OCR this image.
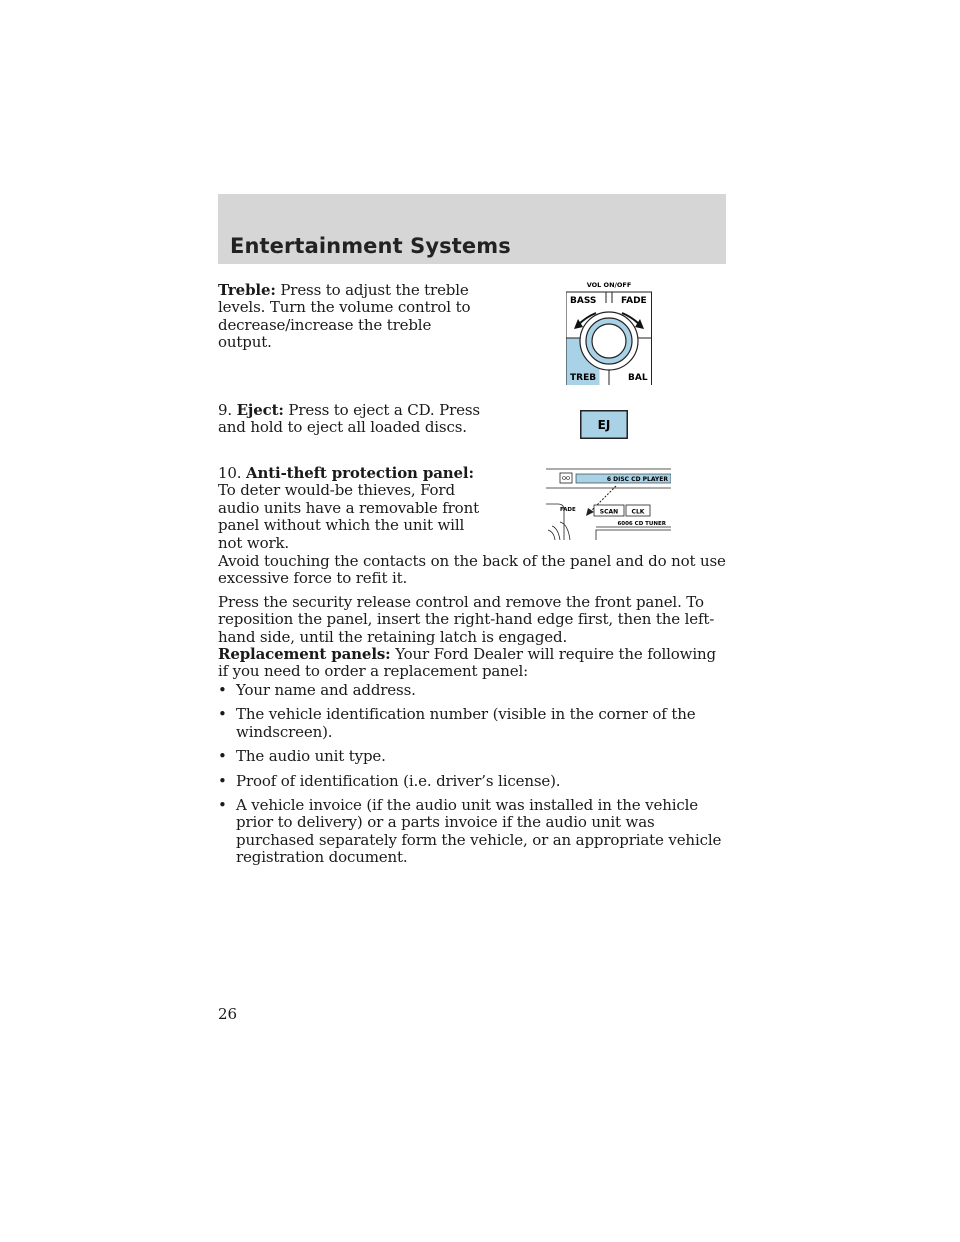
Entertainment Systems

Treble: Press to adjust the treble levels. Turn the volume control to decrease/increase the treble output.

VOL ON/OFF
BASS	FADE
TREB	BAL

9. Eject: Press to eject a CD. Press and hold to eject all loaded discs.	EJ

10. Anti-theft protection panel: To deter would-be thieves, Ford audio units have a removable front panel without which the unit will not work.

6 DISC CD PLAYER
FADE	SCAN CLK
6006 CD TUNER

Avoid touching the contacts on the back of the panel and do not use excessive force to refit it.

Press the security release control and remove the front panel. To reposition the panel, insert the right-hand edge first, then the left-hand side, until the retaining latch is engaged.

Replacement panels: Your Ford Dealer will require the following if you need to order a replacement panel:

• Your name and address.
• The vehicle identification number (visible in the corner of the windscreen).
• The audio unit type.
• Proof of identification (i.e. driver’s license).
• A vehicle invoice (if the audio unit was installed in the vehicle prior to delivery) or a parts invoice if the audio unit was purchased separately form the vehicle, or an appropriate vehicle registration document.

26
